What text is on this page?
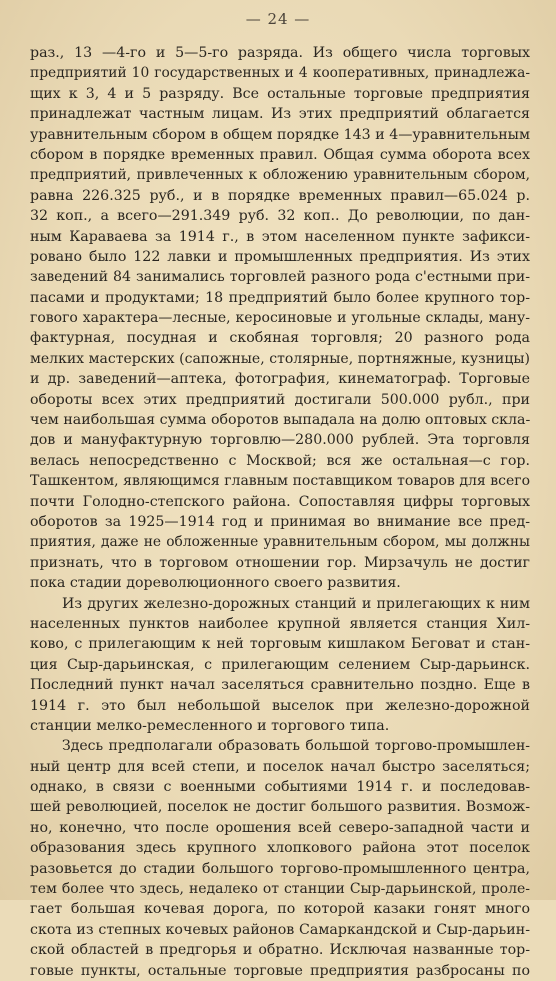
— 24 —
раз., 13 —4-го и 5—5-го разряда. Из общего числа торговых
предприятий 10 государственных и 4 кооперативных, принадлежа-
щих к 3, 4 и 5 разряду. Все остальные торговые предприятия
принадлежат частным лицам. Из этих предприятий облагается
уравнительным сбором в общем порядке 143 и 4—уравнительным
сбором в порядке временных правил. Общая сумма оборота всех
предприятий, привлеченных к обложению уравнительным сбором,
равна 226.325 руб., и в порядке временных правил—65.024 р.
32 коп., а всего—291.349 руб. 32 коп.. До революции, по дан-
ным Караваева за 1914 г., в этом населенном пункте зафикси-
ровано было 122 лавки и промышленных предприятия. Из этих
заведений 84 занимались торговлей разного рода с'естными при-
пасами и продуктами; 18 предприятий было более крупного тор-
гового характера—лесные, керосиновые и угольные склады, ману-
фактурная, посудная и скобяная торговля; 20 разного рода
мелких мастерских (сапожные, столярные, портняжные, кузницы)
и др. заведений—аптека, фотография, кинематограф. Торговые
обороты всех этих предприятий достигали 500.000 рубл., при
чем наибольшая сумма оборотов выпадала на долю оптовых скла-
дов и мануфактурную торговлю—280.000 рублей. Эта торговля
велась непосредственно с Москвой; вся же остальная—с гор.
Ташкентом, являющимся главным поставщиком товаров для всего
почти Голодно-степского района. Сопоставляя цифры торговых
оборотов за 1925—1914 год и принимая во внимание все пред-
приятия, даже не обложенные уравнительным сбором, мы должны
признать, что в торговом отношении гор. Мирзачуль не достиг
пока стадии дореволюционного своего развития.
Из других железно-дорожных станций и прилегающих к ним
населенных пунктов наиболее крупной является станция Хил-
ково, с прилегающим к ней торговым кишлаком Беговат и стан-
ция Сыр-дарьинская, с прилегающим селением Сыр-дарьинск.
Последний пункт начал заселяться сравнительно поздно. Еще в
1914 г. это был небольшой выселок при железно-дорожной
станции мелко-ремесленного и торгового типа.
Здесь предполагали образовать большой торгово-промышлен-
ный центр для всей степи, и поселок начал быстро заселяться;
однако, в связи с военными событиями 1914 г. и последовав-
шей революцией, поселок не достиг большого развития. Возмож-
но, конечно, что после орошения всей северо-западной части и
образования здесь крупного хлопкового района этот поселок
разовьется до стадии большого торгово-промышленного центра,
тем более что здесь, недалеко от станции Сыр-дарьинской, проле-
гает большая кочевая дорога, по которой казаки гонят много
скота из степных кочевых районов Самаркандской и Сыр-дарьин-
ской областей в предгорья и обратно. Исключая названные тор-
говые пункты, остальные торговые предприятия разбросаны по
